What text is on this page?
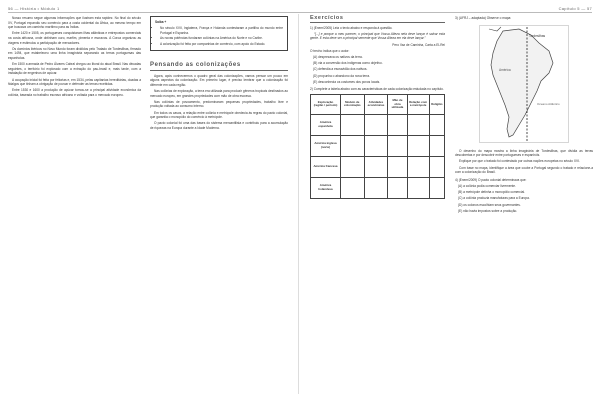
56 — História • Módulo 1	Capítulo 5 — 57

Nosso resumo segue algumas informações que ilustram esta rapidez. No final do século XV, Portugal expandiu seu comércio para a costa ocidental da África, ao mesmo tempo em que buscava um caminho marítimo para as Índias.

Entre 1420 e 1505, os portugueses conquistaram ilhas atlânticas e entrepostos comerciais na costa africana, onde obtinham ouro, marfim, pimenta e escravos. A Coroa organizou as viagens e estimulou a participação de mercadores.

Os domínios ibéricos no Novo Mundo foram divididos pelo Tratado de Tordesilhas, firmado em 1494, que estabeleceu uma linha imaginária separando as terras portuguesas das espanholas.

Em 1500 a armada de Pedro Álvares Cabral chegou ao litoral do atual Brasil. Nas décadas seguintes, o território foi explorado com a extração do pau-brasil e, mais tarde, com a instalação de engenhos de açúcar.

A ocupação inicial foi feita por feitorias e, em 1534, pelas capitanias hereditárias, doadas a fidalgos que tinham a obrigação de povoar e defender as terras recebidas.

Entre 1530 e 1600 a produção de açúcar tornou-se a principal atividade econômica da colônia, baseada no trabalho escravo africano e voltada para o mercado europeu.

Saiba +
• No século XVII, Inglaterra, França e Holanda contestaram a partilha do mundo entre Portugal e Espanha.
• As novas potências fundaram colônias na América do Norte e no Caribe.
• A colonização foi feita por companhias de comércio, com apoio do Estado.
Pensando as colonizações

Agora, após conhecermos o quadro geral das colonizações, vamos pensar um pouco em alguns aspectos da colonização. Em primeiro lugar, é preciso lembrar que a colonização foi diferente em cada região.

Nas colônias de exploração, a terra era utilizada para produzir gêneros tropicais destinados ao mercado europeu, em grandes propriedades com mão de obra escrava.

Nas colônias de povoamento, predominaram pequenas propriedades, trabalho livre e produção voltada ao consumo interno.

Em todos os casos, a relação entre colônia e metrópole obedecia às regras do pacto colonial, que garantia o monopólio do comércio à metrópole.

O pacto colonial foi uma das bases do sistema mercantilista e contribuiu para a acumulação de riquezas na Europa durante a Idade Moderna.

Exercícios

1) (Enem/2005) Leia o texto abaixo e responda à questão.

“[...] e porque a meu parecer, o principal que Vossa Alteza nela deve lançar é salvar esta gente. E esta deve ser a principal semente que Vossa Alteza em ela deve lançar.”

Pero Vaz de Caminha, Carta a El-Rei

O trecho indica que o autor:

(A) desprezava os nativos da terra.

(B) via a conversão dos indígenas como objetivo.

(C) defendia a escravidão dos nativos.

(D) propunha o abandono da nova terra.

(E) desconhecia os costumes dos povos locais.

2) Complete a tabela abaixo com as características de cada colonização estudada no capítulo.

Exploração (região / período)	Modelo de colonização	Atividades econômicas	Mão de obra utilizada	Relação com a metrópole	Religião
América espanhola					
América inglesa (norte)					
América francesa					
América holandesa					

3) (UFRJ – adaptada) Observe o mapa:

Tordesilhas
América
Oceano Atlântico

O desenho do mapa mostra a linha imaginária de Tordesilhas, que dividia as terras descobertas e por descobrir entre portugueses e espanhóis.

Explique por que o tratado foi contestado por outras nações europeias no século XVI.

Com base no mapa, identifique a área que coube a Portugal segundo o tratado e relacione-a com a colonização do Brasil.

4) (Enem/2009) O pacto colonial determinava que:

(A) a colônia podia comerciar livremente.

(B) a metrópole detinha o monopólio comercial.

(C) a colônia produzia manufaturas para a Europa.

(D) os colonos escolhiam seus governantes.

(E) não havia impostos sobre a produção.
